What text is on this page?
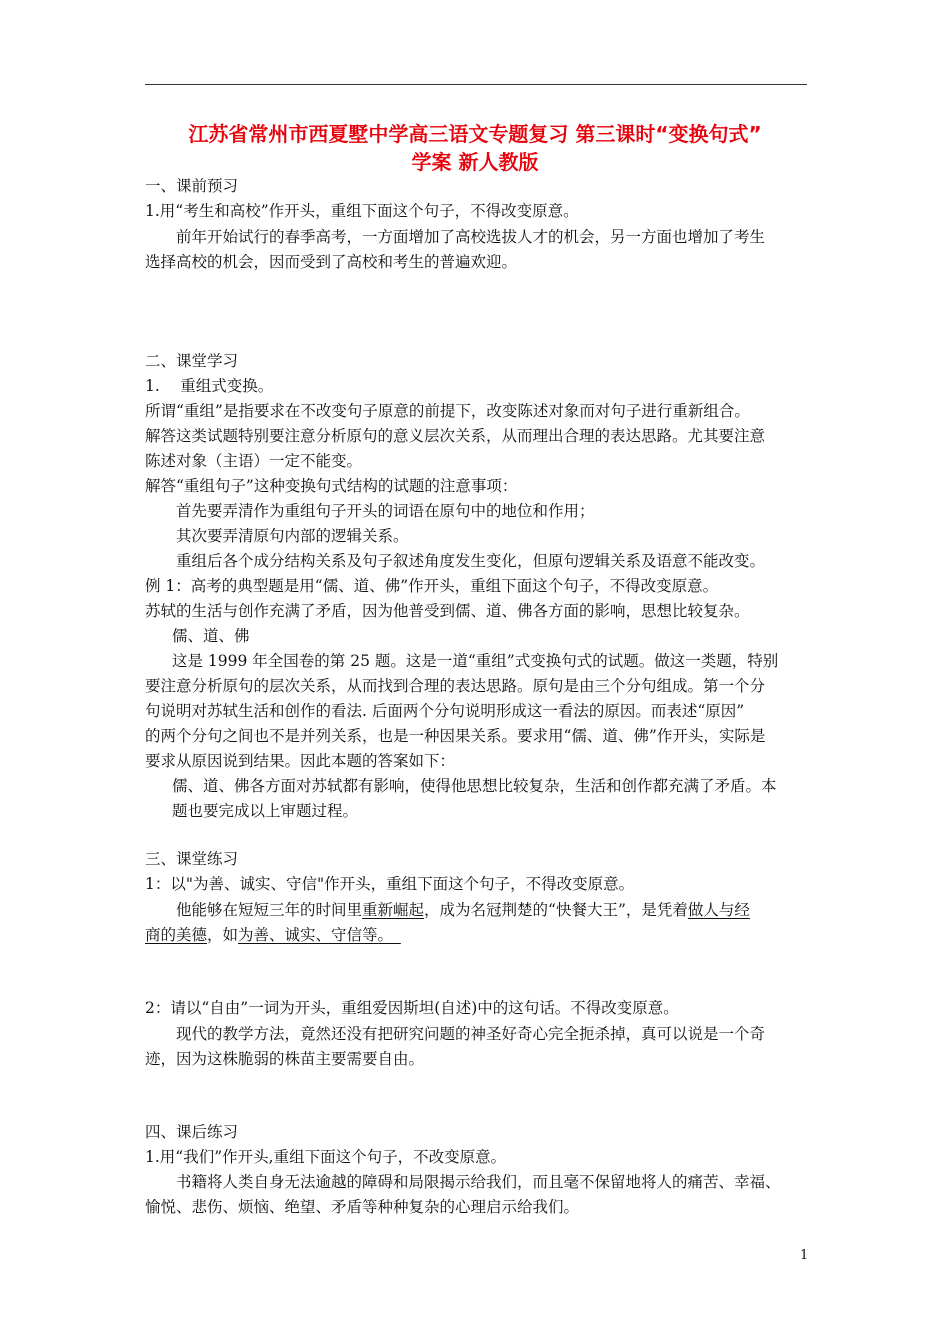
江苏省常州市西夏墅中学高三语文专题复习 第三课时“变换句式”
学案 新人教版
一、课前预习
1.用“考生和高校”作开头，重组下面这个句子，不得改变原意。
前年开始试行的春季高考，一方面增加了高校选拔人才的机会，另一方面也增加了考生
选择高校的机会，因而受到了高校和考生的普遍欢迎。
二、课堂学习
1.　 重组式变换。
所谓“重组”是指要求在不改变句子原意的前提下，改变陈述对象而对句子进行重新组合。
解答这类试题特别要注意分析原句的意义层次关系，从而理出合理的表达思路。尤其要注意
陈述对象（主语）一定不能变。
解答“重组句子”这种变换句式结构的试题的注意事项：
首先要弄清作为重组句子开头的词语在原句中的地位和作用；
其次要弄清原句内部的逻辑关系。
重组后各个成分结构关系及句子叙述角度发生变化，但原句逻辑关系及语意不能改变。
例 1：高考的典型题是用“儒、道、佛”作开头，重组下面这个句子，不得改变原意。
苏轼的生活与创作充满了矛盾，因为他普受到儒、道、佛各方面的影响，思想比较复杂。
儒、道、佛
这是 1999 年全国卷的第 25 题。这是一道“重组”式变换句式的试题。做这一类题，特别
要注意分析原句的层次关系，从而找到合理的表达思路。原句是由三个分句组成。第一个分
句说明对苏轼生活和创作的看法. 后面两个分句说明形成这一看法的原因。而表述“原因”
的两个分句之间也不是并列关系，也是一种因果关系。要求用“儒、道、佛”作开头，实际是
要求从原因说到结果。因此本题的答案如下：
儒、道、佛各方面对苏轼都有影响，使得他思想比较复杂，生活和创作都充满了矛盾。本
题也要完成以上审题过程。
三、课堂练习
1：以"为善、诚实、守信"作开头，重组下面这个句子，不得改变原意。
他能够在短短三年的时间里重新崛起，成为名冠荆楚的“快餐大王”，是凭着做人与经
商的美德，如为善、诚实、守信等。　
2：请以“自由”一词为开头，重组爱因斯坦(自述)中的这句话。不得改变原意。
现代的教学方法，竟然还没有把研究问题的神圣好奇心完全扼杀掉，真可以说是一个奇
迹，因为这株脆弱的株苗主要需要自由。
四、课后练习
1.用“我们”作开头,重组下面这个句子，不改变原意。
书籍将人类自身无法逾越的障碍和局限揭示给我们，而且毫不保留地将人的痛苦、幸福、
愉悦、悲伤、烦恼、绝望、矛盾等种种复杂的心理启示给我们。
1
